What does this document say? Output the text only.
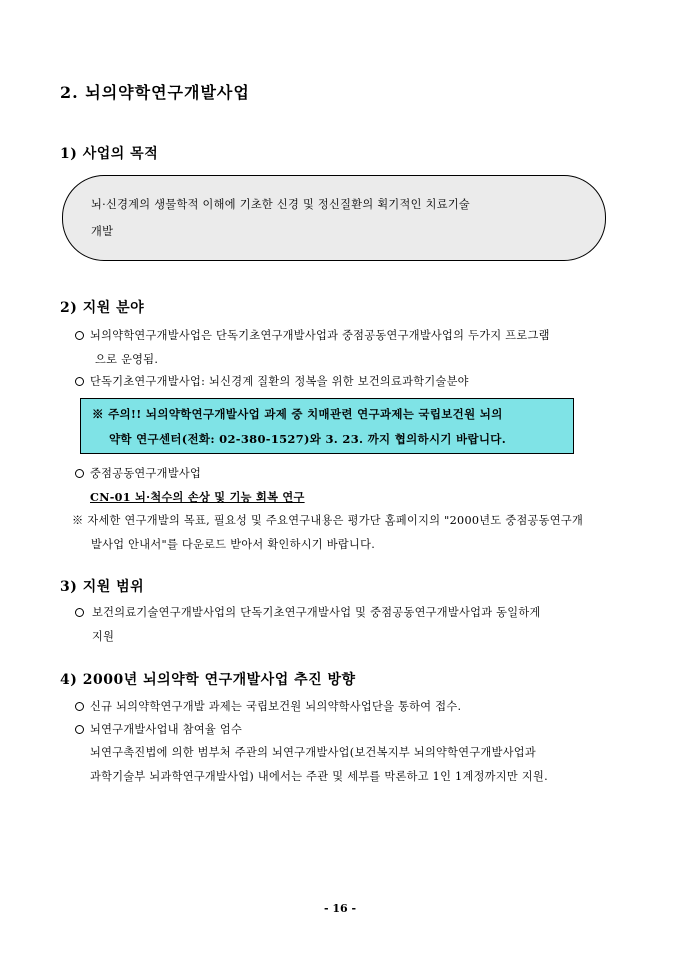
2. 뇌의약학연구개발사업
1) 사업의 목적
뇌·신경계의 생물학적 이해에 기초한 신경 및 정신질환의 획기적인 치료기술
개발
2) 지원 분야
뇌의약학연구개발사업은 단독기초연구개발사업과 중점공동연구개발사업의 두가지 프로그램
으로 운영됨.
단독기초연구개발사업: 뇌신경계 질환의 정복을 위한 보건의료과학기술분야
※ 주의!! 뇌의약학연구개발사업 과제 중 치매관련 연구과제는 국립보건원 뇌의
약학 연구센터(전화: 02-380-1527)와 3. 23. 까지 협의하시기 바랍니다.
중점공동연구개발사업
CN-01 뇌·척수의 손상 및 기능 회복 연구
※ 자세한 연구개발의 목표, 필요성 및 주요연구내용은 평가단 홈페이지의 "2000년도 중점공동연구개
발사업 안내서"를 다운로드 받아서 확인하시기 바랍니다.
3) 지원 범위
보건의료기술연구개발사업의 단독기초연구개발사업 및 중점공동연구개발사업과 동일하게
지원
4) 2000년 뇌의약학 연구개발사업 추진 방향
신규 뇌의약학연구개발 과제는 국립보건원 뇌의약학사업단을 통하여 접수.
뇌연구개발사업내 참여율 엄수
뇌연구촉진법에 의한 범부처 주관의 뇌연구개발사업(보건복지부 뇌의약학연구개발사업과
과학기술부 뇌과학연구개발사업) 내에서는 주관 및 세부를 막론하고 1인 1계정까지만 지원.
- 16 -
